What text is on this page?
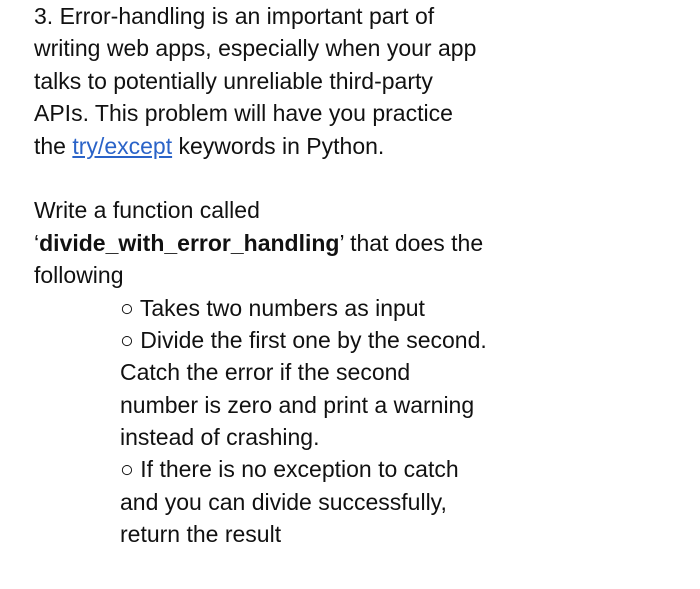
3. Error-handling is an important part of
writing web apps, especially when your app
talks to potentially unreliable third-party
APIs. This problem will have you practice
the try/except keywords in Python.
Write a function called
‘divide_with_error_handling’ that does the
following
○ Takes two numbers as input
○ Divide the first one by the second.
Catch the error if the second
number is zero and print a warning
instead of crashing.
○ If there is no exception to catch
and you can divide successfully,
return the result
